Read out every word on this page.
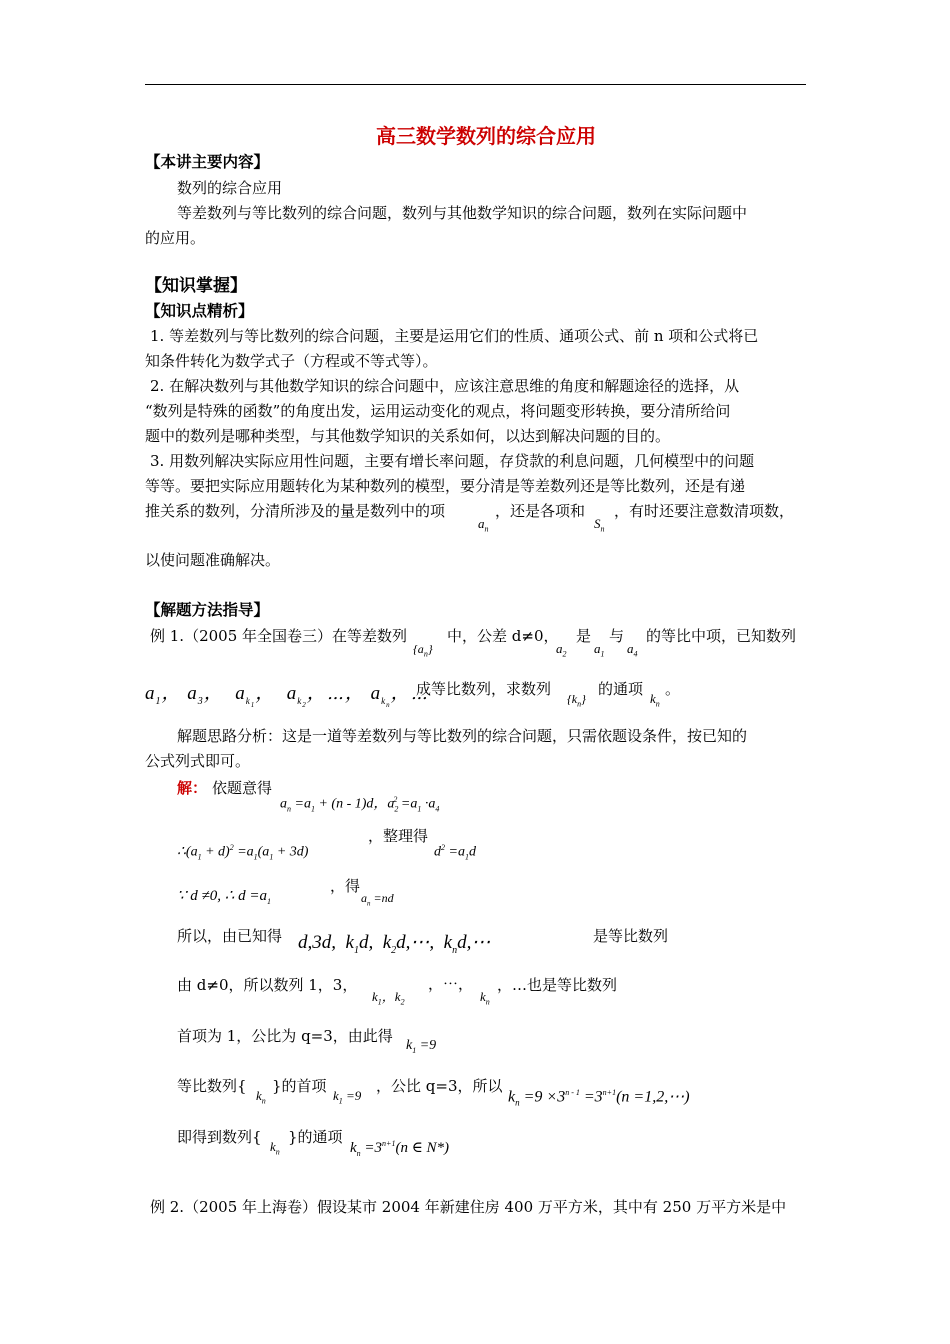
高三数学数列的综合应用
【本讲主要内容】
数列的综合应用
等差数列与等比数列的综合问题，数列与其他数学知识的综合问题，数列在实际问题中
的应用。
【知识掌握】
【知识点精析】
1. 等差数列与等比数列的综合问题，主要是运用它们的性质、通项公式、前 n 项和公式将已
知条件转化为数学式子（方程或不等式等）。
2. 在解决数列与其他数学知识的综合问题中，应该注意思维的角度和解题途径的选择，从
“数列是特殊的函数”的角度出发，运用运动变化的观点，将问题变形转换，要分清所给问
题中的数列是哪种类型，与其他数学知识的关系如何，以达到解决问题的目的。
3. 用数列解决实际应用性问题，主要有增长率问题，存贷款的利息问题，几何模型中的问题
等等。要把实际应用题转化为某种数列的模型，要分清是等差数列还是等比数列，还是有递
推关系的数列，分清所涉及的量是数列中的项
$a_n$
，还是各项和
$S_n$
，有时还要注意数清项数，
以使问题准确解决。
【解题方法指导】
例 1.（2005 年全国卷三）在等差数列
$\{a_n\}$
中，公差 d≠0，
$a_2$
是
$a_1$
与
$a_4$
的等比中项，已知数列
$a_1$， $a_3$，  $a_{k_1}$，  $a_{k_2}$，⋯， $a_{k_n}$，⋯
成等比数列，求数列
$\{k_n\}$
的通项
$k_n$
。
解题思路分析：这是一道等差数列与等比数列的综合问题，只需依题设条件，按已知的
公式列式即可。
解： 依题意得
$a_n =a_1 + (n - 1)d$，$a_2^2 =a_1 \cdot a_4$
$\therefore(a_1 + d)^2 =a_1(a_1 + 3d)$
，整理得
$d^2 =a_1d$
∵ d ≠0, ∴ $d =a_1$
，得
$a_n =nd$
所以，由已知得 d,3d,  $k_1d$,  $k_2d,\cdots$,  $k_nd,\cdots$	是等比数列
由 d≠0，所以数列 1，3，
$k_1$，$k_2$
，⋯，
$k_n$
，…也是等比数列
首项为 1，公比为 q=3，由此得
$k_1 =9$
等比数列{
$k_n$
}的首项
$k_1 =9$
，公比 q=3，所以
$k_n =9 \times 3^{n - 1} =3^{n+1}(n$ =1,2,⋯)
即得到数列{
$k_n$
}的通项
$k_n =3^{n+1}(n$ ∈ N*)
例 2.（2005 年上海卷）假设某市 2004 年新建住房 400 万平方米，其中有 250 万平方米是中
